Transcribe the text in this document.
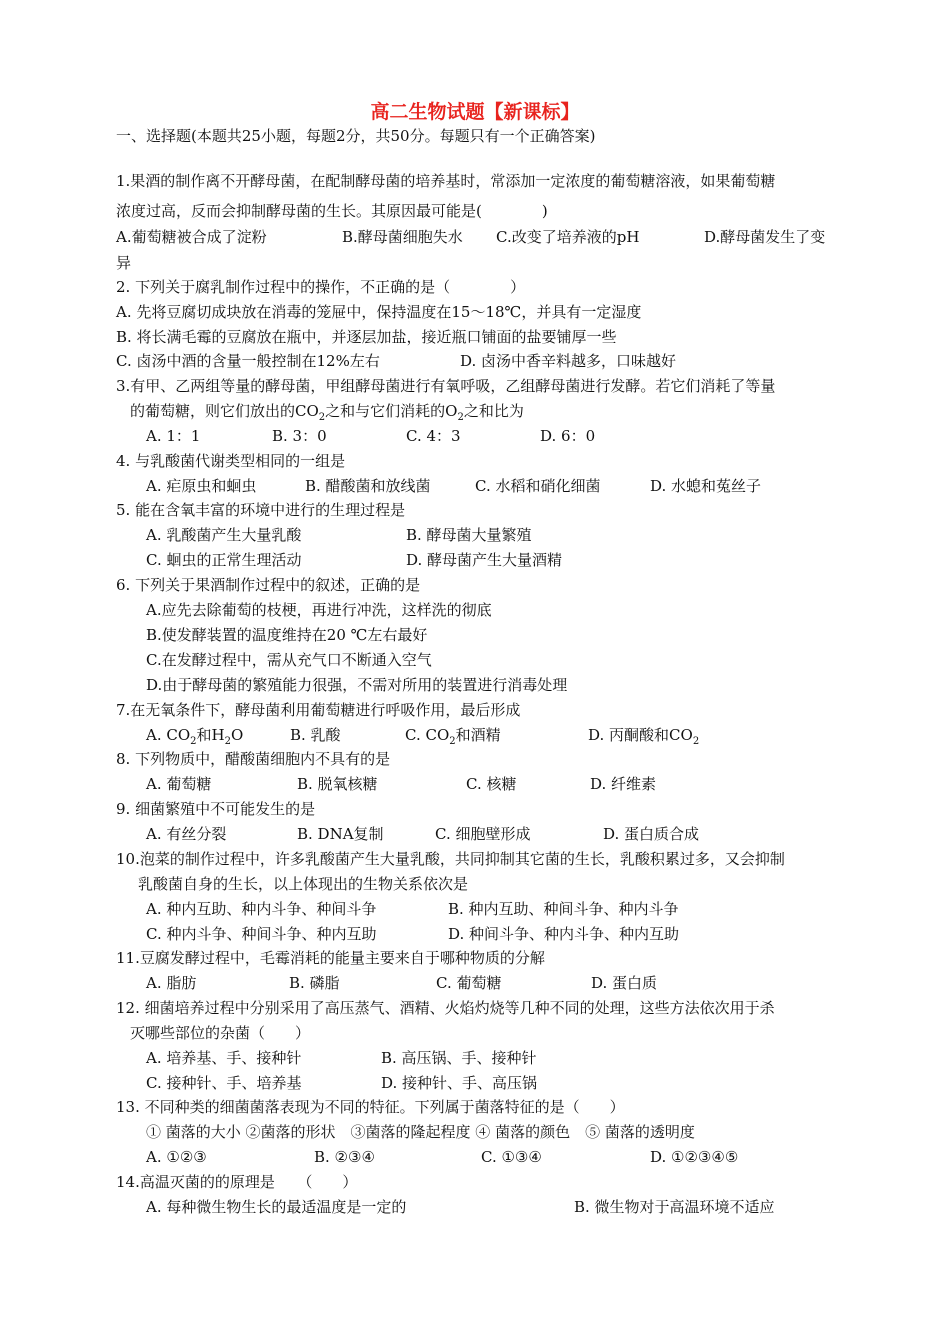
高二生物试题【新课标】
一、选择题(本题共25小题，每题2分，共50分。每题只有一个正确答案)
1.果酒的制作离不开酵母菌，在配制酵母菌的培养基时，常添加一定浓度的葡萄糖溶液，如果葡萄糖
浓度过高，反而会抑制酵母菌的生长。其原因最可能是(　　　　)
A.葡萄糖被合成了淀粉	B.酵母菌细胞失水 C.改变了培养液的pH	D.酵母菌发生了变
异
2. 下列关于腐乳制作过程中的操作，不正确的是（　　　　）
A. 先将豆腐切成块放在消毒的笼屉中，保持温度在15～18℃，并具有一定湿度
B. 将长满毛霉的豆腐放在瓶中，并逐层加盐，接近瓶口铺面的盐要铺厚一些
C. 卤汤中酒的含量一般控制在12%左右	D. 卤汤中香辛料越多，口味越好
3.有甲、乙两组等量的酵母菌，甲组酵母菌进行有氧呼吸，乙组酵母菌进行发酵。若它们消耗了等量
的葡萄糖，则它们放出的$CO_2$之和与它们消耗的$O_2$之和比为
A. 1：1	B. 3：0	C. 4：3	D. 6：0
4. 与乳酸菌代谢类型相同的一组是
A. 疟原虫和蛔虫	B. 醋酸菌和放线菌	C. 水稻和硝化细菌	D. 水螅和菟丝子
5. 能在含氧丰富的环境中进行的生理过程是
A. 乳酸菌产生大量乳酸	B. 酵母菌大量繁殖
C. 蛔虫的正常生理活动	D. 酵母菌产生大量酒精
6. 下列关于果酒制作过程中的叙述，正确的是
A.应先去除葡萄的枝梗，再进行冲洗，这样洗的彻底
B.使发酵装置的温度维持在20 ℃左右最好
C.在发酵过程中，需从充气口不断通入空气
D.由于酵母菌的繁殖能力很强，不需对所用的装置进行消毒处理
7.在无氧条件下，酵母菌利用葡萄糖进行呼吸作用，最后形成
A. $CO_2$和$H_2O$	B. 乳酸	C. $CO_2$和酒精	D. 丙酮酸和$CO_2$
8. 下列物质中，醋酸菌细胞内不具有的是
A. 葡萄糖	B. 脱氧核糖	C. 核糖	D. 纤维素
9. 细菌繁殖中不可能发生的是
A. 有丝分裂	B. DNA复制	C. 细胞壁形成	D. 蛋白质合成
10.泡菜的制作过程中，许多乳酸菌产生大量乳酸，共同抑制其它菌的生长，乳酸积累过多，又会抑制
乳酸菌自身的生长，以上体现出的生物关系依次是
A. 种内互助、种内斗争、种间斗争	B. 种内互助、种间斗争、种内斗争
C. 种内斗争、种间斗争、种内互助	D. 种间斗争、种内斗争、种内互助
11.豆腐发酵过程中，毛霉消耗的能量主要来自于哪种物质的分解
A. 脂肪	B. 磷脂	C. 葡萄糖	D. 蛋白质
12. 细菌培养过程中分别采用了高压蒸气、酒精、火焰灼烧等几种不同的处理，这些方法依次用于杀
灭哪些部位的杂菌（　　）
A. 培养基、手、接种针	B. 高压锅、手、接种针
C. 接种针、手、培养基	D. 接种针、手、高压锅
13. 不同种类的细菌菌落表现为不同的特征。下列属于菌落特征的是（　　）
① 菌落的大小 ②菌落的形状　③菌落的隆起程度 ④ 菌落的颜色　⑤ 菌落的透明度
A. ①②③	B. ②③④	C. ①③④	D. ①②③④⑤
14.高温灭菌的的原理是　　（　　）
A. 每种微生物生长的最适温度是一定的	B. 微生物对于高温环境不适应
